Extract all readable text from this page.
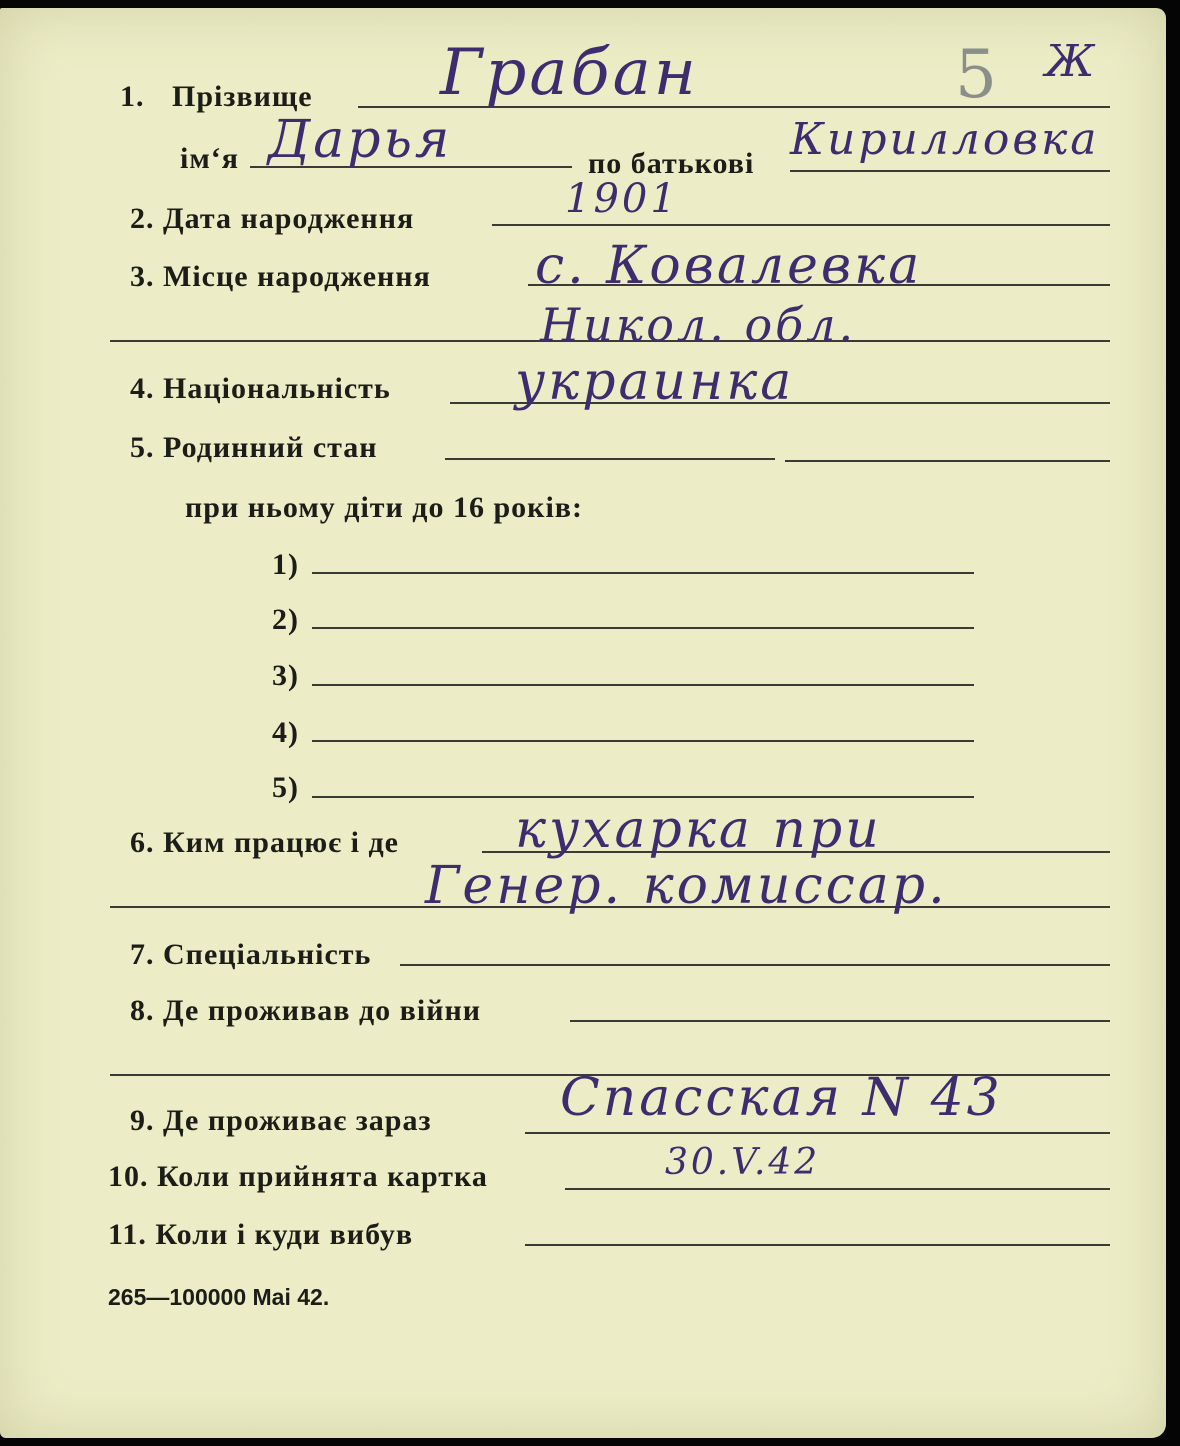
5 Ж
1. Прізвище Грабан
ім‘я Дарья	по батькові Кирилловка
2. Дата народження	1901
3. Місце народження с. Ковалевка
Никол. обл.
4. Національність украинка
5. Родинний стан
при ньому діти до 16 років:
1)
2)
3)
4)
5)
6. Ким працює і де кухарка при
Генер. комиссар.
7. Спеціальність
8. Де проживав до війни
9. Де проживає зараз Спасская N 43
10. Коли прийнята картка	30.V.42
11. Коли і куди вибув
265—100000 Mai 42.
